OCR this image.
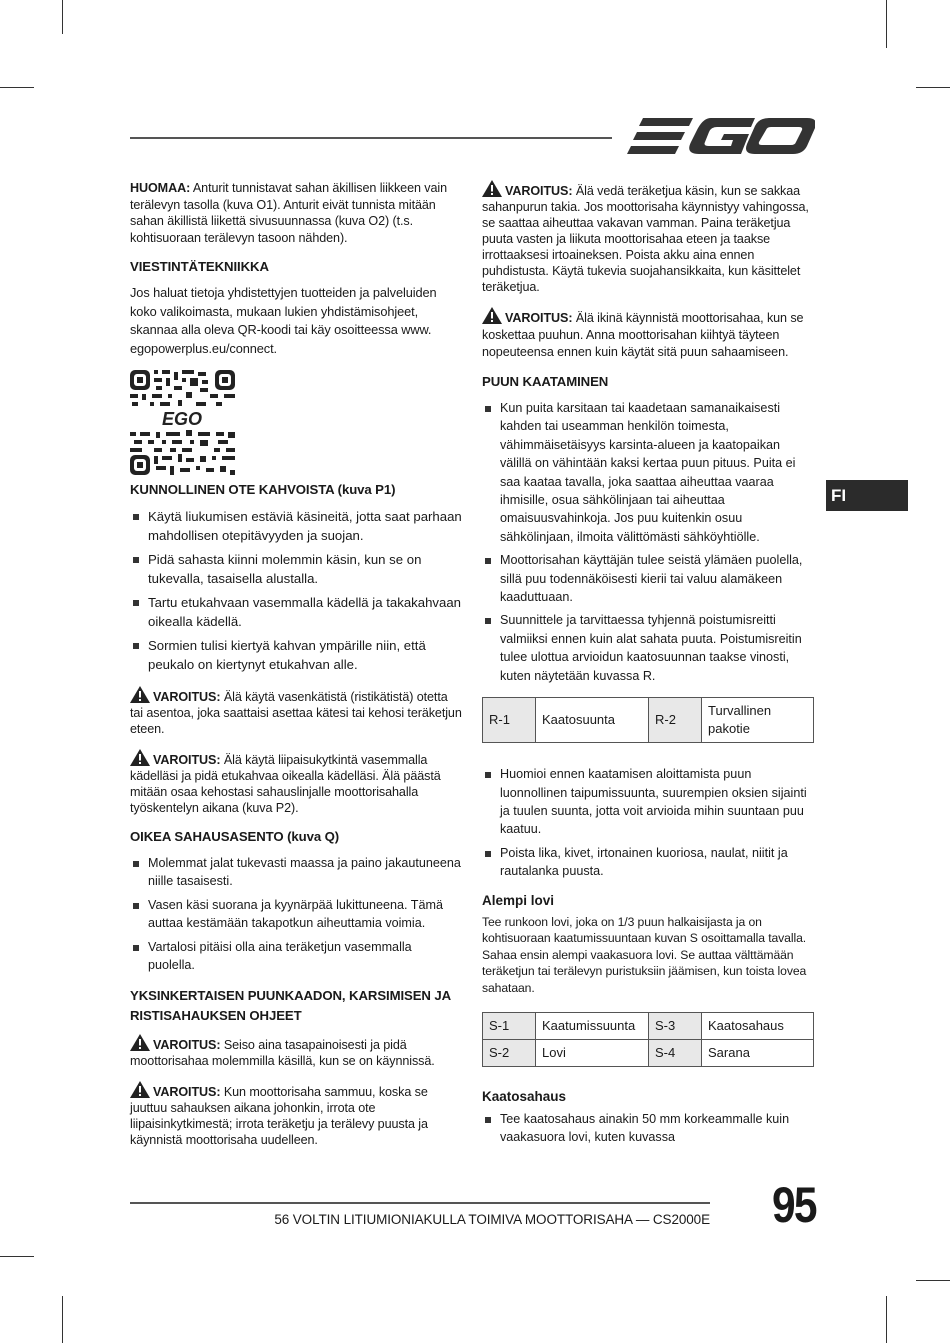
FI

HUOMAA: Anturit tunnistavat sahan äkillisen liikkeen vain terälevyn tasolla (kuva O1). Anturit eivät tunnista mitään sahan äkillistä liikettä sivusuunnassa (kuva O2) (t.s. kohtisuoraan terälevyn tasoon nähden).

VIESTINTÄTEKNIIKKA

Jos haluat tietoja yhdistettyjen tuotteiden ja palveluiden koko valikoimasta, mukaan lukien yhdistämisohjeet, skannaa alla oleva QR-koodi tai käy osoitteessa www. egopowerplus.eu/connect.

EGO
KUNNOLLINEN OTE KAHVOISTA (kuva P1)
Käytä liukumisen estäviä käsineitä, jotta saat parhaan mahdollisen otepitävyyden ja suojan.
Pidä sahasta kiinni molemmin käsin, kun se on tukevalla, tasaisella alustalla.
Tartu etukahvaan vasemmalla kädellä ja takakahvaan oikealla kädellä.
Sormien tulisi kiertyä kahvan ympärille niin, että peukalo on kiertynyt etukahvan alle.

VAROITUS: Älä käytä vasenkätistä (ristikätistä) otetta tai asentoa, joka saattaisi asettaa kätesi tai kehosi teräketjun eteen.

VAROITUS: Älä käytä liipaisukytkintä vasemmalla kädelläsi ja pidä etukahvaa oikealla kädelläsi. Älä päästä mitään osaa kehostasi sahauslinjalle moottorisahalla työskentelyn aikana (kuva P2).

OIKEA SAHAUSASENTO (kuva Q)
Molemmat jalat tukevasti maassa ja paino jakautuneena niille tasaisesti.
Vasen käsi suorana ja kyynärpää lukittuneena. Tämä auttaa kestämään takapotkun aiheuttamia voimia.
Vartalosi pitäisi olla aina teräketjun vasemmalla puolella.
YKSINKERTAISEN PUUNKAADON, KARSIMISEN JA RISTISAHAUKSEN OHJEET

VAROITUS: Seiso aina tasapainoisesti ja pidä moottorisahaa molemmilla käsillä, kun se on käynnissä.

VAROITUS: Kun moottorisaha sammuu, koska se juuttuu sahauksen aikana johonkin, irrota ote liipaisinkytkimestä; irrota teräketju ja terälevy puusta ja käynnistä moottorisaha uudelleen.

VAROITUS: Älä vedä teräketjua käsin, kun se sakkaa sahanpurun takia. Jos moottorisaha käynnistyy vahingossa, se saattaa aiheuttaa vakavan vamman. Paina teräketjua puuta vasten ja liikuta moottorisahaa eteen ja taakse irrottaaksesi irtoaineksen. Poista akku aina ennen puhdistusta. Käytä tukevia suojahansikkaita, kun käsittelet teräketjua.

VAROITUS: Älä ikinä käynnistä moottorisahaa, kun se koskettaa puuhun. Anna moottorisahan kiihtyä täyteen nopeuteensa ennen kuin käytät sitä puun sahaamiseen.

PUUN KAATAMINEN
Kun puita karsitaan tai kaadetaan samanaikaisesti kahden tai useamman henkilön toimesta, vähimmäisetäisyys karsinta-alueen ja kaatopaikan välillä on vähintään kaksi kertaa puun pituus. Puita ei saa kaataa tavalla, joka saattaa aiheuttaa vaaraa ihmisille, osua sähkölinjaan tai aiheuttaa omaisuusvahinkoja. Jos puu kuitenkin osuu sähkölinjaan, ilmoita välittömästi sähköyhtiölle.
Moottorisahan käyttäjän tulee seistä ylämäen puolella, sillä puu todennäköisesti kierii tai valuu alamäkeen kaaduttuaan.
Suunnittele ja tarvittaessa tyhjennä poistumisreitti valmiiksi ennen kuin alat sahata puuta. Poistumisreitin tulee ulottua arvioidun kaatosuunnan taakse vinosti, kuten näytetään kuvassa R.
R-1	Kaatosuunta	R-2	Turvallinen pakotie
Huomioi ennen kaatamisen aloittamista puun luonnollinen taipumissuunta, suurempien oksien sijainti ja tuulen suunta, jotta voit arvioida mihin suuntaan puu kaatuu.
Poista lika, kivet, irtonainen kuoriosa, naulat, niitit ja rautalanka puusta.
Alempi lovi

Tee runkoon lovi, joka on 1/3 puun halkaisijasta ja on kohtisuoraan kaatumissuuntaan kuvan S osoittamalla tavalla. Sahaa ensin alempi vaakasuora lovi. Se auttaa välttämään teräketjun tai terälevyn puristuksiin jäämisen, kun toista lovea sahataan.

S-1	Kaatumissuunta	S-3	Kaatosahaus
S-2	Lovi	S-4	Sarana
Kaatosahaus
Tee kaatosahaus ainakin 50 mm korkeammalle kuin vaakasuora lovi, kuten kuvassa
56 VOLTIN LITIUMIONIAKULLA TOIMIVA MOOTTORISAHA — CS2000E 95
